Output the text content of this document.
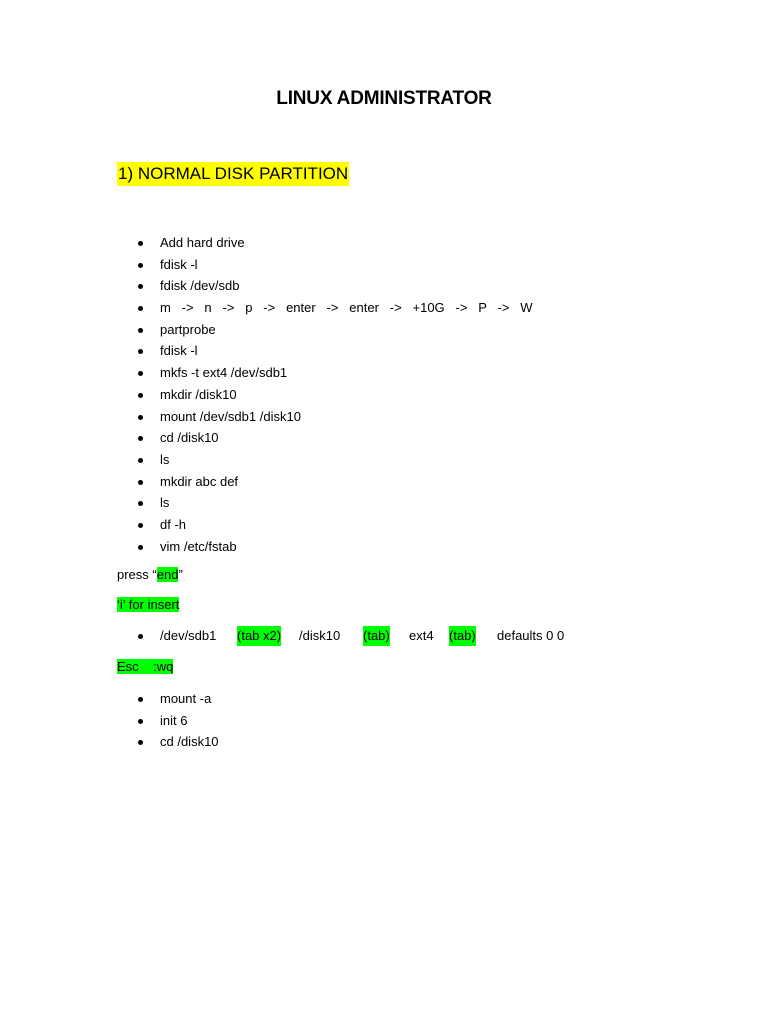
LINUX ADMINISTRATOR
1) NORMAL DISK PARTITION
Add hard drive
fdisk -l
fdisk /dev/sdb
m   ->   n   ->   p   ->   enter   ->   enter   ->   +10G   ->   P   ->   W
partprobe
fdisk -l
mkfs -t ext4 /dev/sdb1
mkdir /disk10
mount /dev/sdb1 /disk10
cd /disk10
ls
mkdir abc def
ls
df -h
vim /etc/fstab
press “end”
‘i’ for insert
/dev/sdb1 (tab x2) /disk10 (tab) ext4 (tab) defaults 0 0
Esc    :wq
mount -a
init 6
cd /disk10
